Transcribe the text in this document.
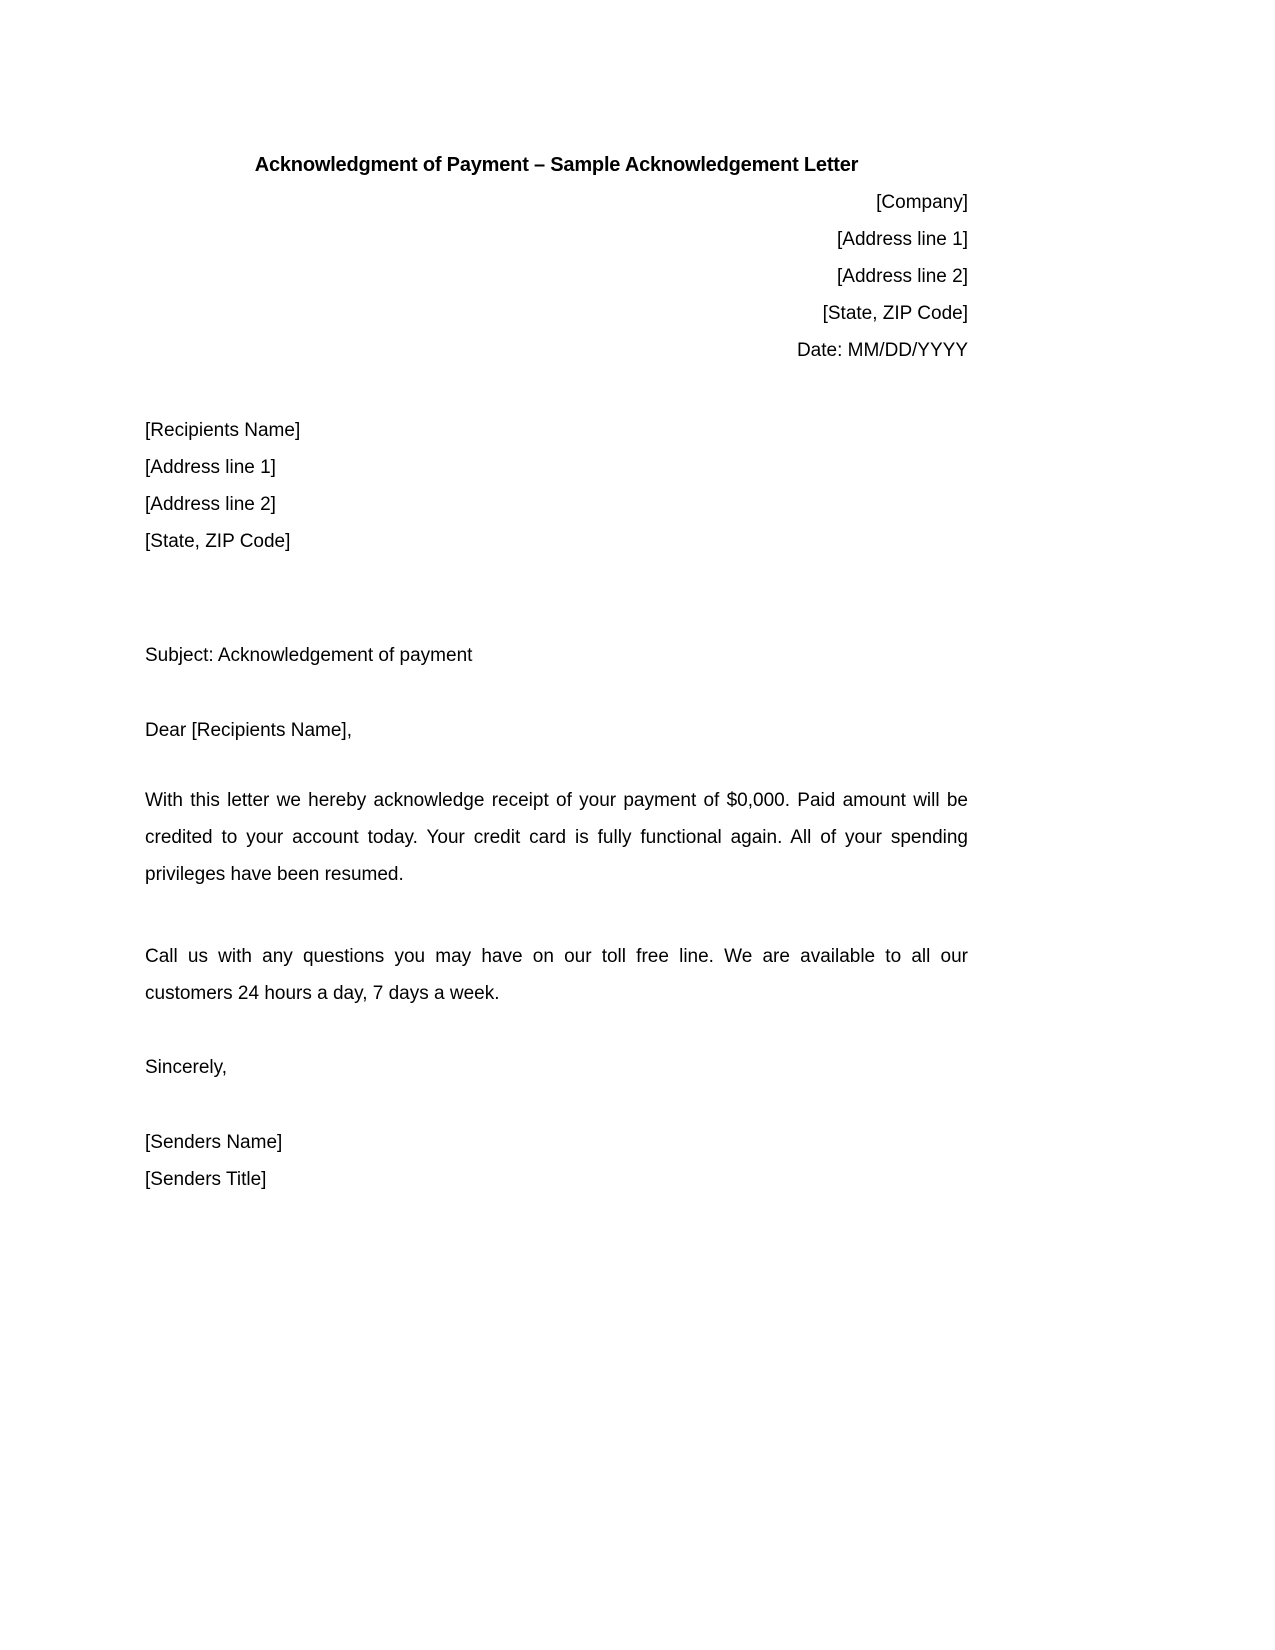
Acknowledgment of Payment – Sample Acknowledgement Letter
[Company]
[Address line 1]
[Address line 2]
[State, ZIP Code]
Date: MM/DD/YYYY
[Recipients Name]
[Address line 1]
[Address line 2]
[State, ZIP Code]
Subject: Acknowledgement of payment
Dear [Recipients Name],

With this letter we hereby acknowledge receipt of your payment of $0,000. Paid amount will be credited to your account today. Your credit card is fully functional again. All of your spending privileges have been resumed.

Call us with any questions you may have on our toll free line. We are available to all our customers 24 hours a day, 7 days a week.

Sincerely,
[Senders Name]
[Senders Title]
